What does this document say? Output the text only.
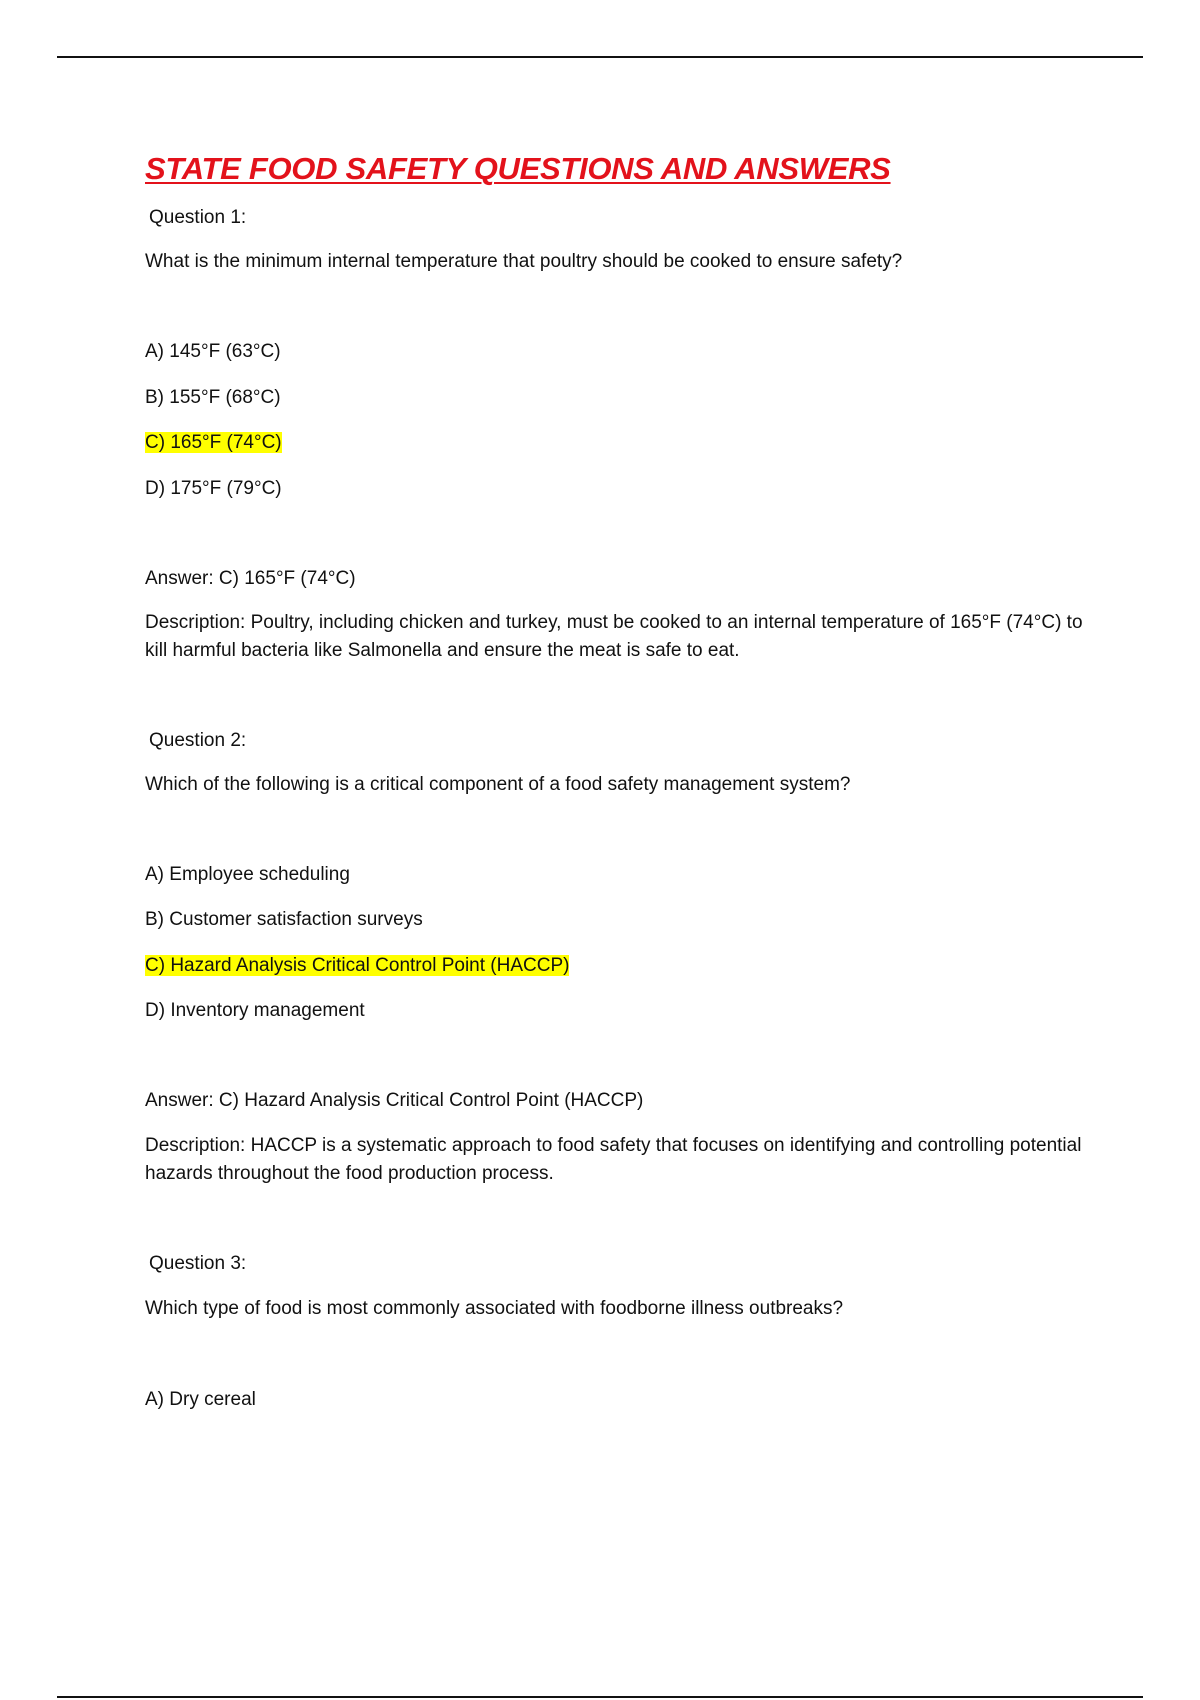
STATE FOOD SAFETY QUESTIONS AND ANSWERS

Question 1:

What is the minimum internal temperature that poultry should be cooked to ensure safety?

A) 145°F (63°C)

B) 155°F (68°C)

C) 165°F (74°C)

D) 175°F (79°C)

Answer: C) 165°F (74°C)

Description: Poultry, including chicken and turkey, must be cooked to an internal temperature of 165°F (74°C) to kill harmful bacteria like Salmonella and ensure the meat is safe to eat.

Question 2:

Which of the following is a critical component of a food safety management system?

A) Employee scheduling

B) Customer satisfaction surveys

C) Hazard Analysis Critical Control Point (HACCP)

D) Inventory management

Answer: C) Hazard Analysis Critical Control Point (HACCP)

Description: HACCP is a systematic approach to food safety that focuses on identifying and controlling potential hazards throughout the food production process.

Question 3:

Which type of food is most commonly associated with foodborne illness outbreaks?

A) Dry cereal
